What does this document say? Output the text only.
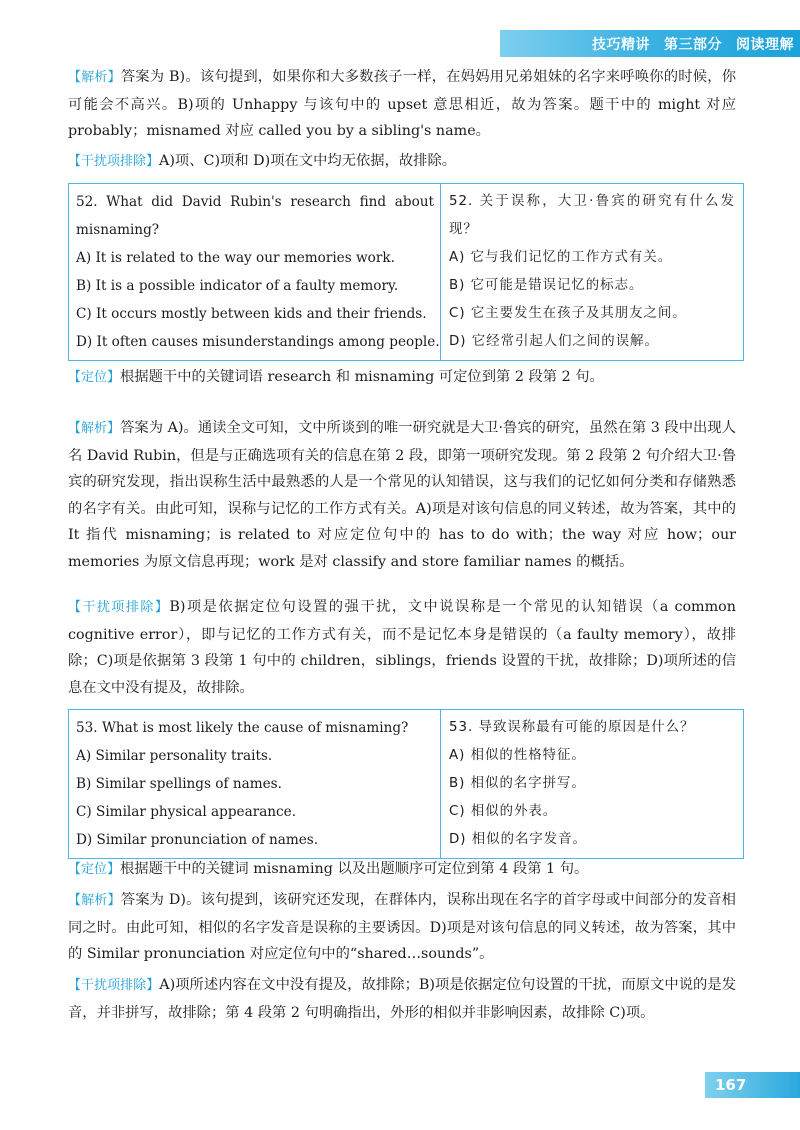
技巧精讲 第三部分 阅读理解

【解析】答案为 B)。该句提到，如果你和大多数孩子一样，在妈妈用兄弟姐妹的名字来呼唤你的时候，你可能会不高兴。B)项的 Unhappy 与该句中的 upset 意思相近，故为答案。题干中的 might 对应 probably；misnamed 对应 called you by a sibling's name。

【干扰项排除】A)项、C)项和 D)项在文中均无依据，故排除。

52. What did David Rubin's research find about misnaming?
A) It is related to the way our memories work.
B) It is a possible indicator of a faulty memory.
C) It occurs mostly between kids and their friends.
D) It often causes misunderstandings among people.
52. 关于误称，大卫·鲁宾的研究有什么发现？
A) 它与我们记忆的工作方式有关。
B) 它可能是错误记忆的标志。
C) 它主要发生在孩子及其朋友之间。
D) 它经常引起人们之间的误解。

【定位】根据题干中的关键词语 research 和 misnaming 可定位到第 2 段第 2 句。

【解析】答案为 A)。通读全文可知，文中所谈到的唯一研究就是大卫·鲁宾的研究，虽然在第 3 段中出现人名 David Rubin，但是与正确选项有关的信息在第 2 段，即第一项研究发现。第 2 段第 2 句介绍大卫·鲁宾的研究发现，指出误称生活中最熟悉的人是一个常见的认知错误，这与我们的记忆如何分类和存储熟悉的名字有关。由此可知，误称与记忆的工作方式有关。A)项是对该句信息的同义转述，故为答案，其中的 It 指代 misnaming；is related to 对应定位句中的 has to do with；the way 对应 how；our memories 为原文信息再现；work 是对 classify and store familiar names 的概括。

【干扰项排除】B)项是依据定位句设置的强干扰，文中说误称是一个常见的认知错误（a common cognitive error），即与记忆的工作方式有关，而不是记忆本身是错误的（a faulty memory），故排除；C)项是依据第 3 段第 1 句中的 children，siblings，friends 设置的干扰，故排除；D)项所述的信息在文中没有提及，故排除。

53. What is most likely the cause of misnaming?
A) Similar personality traits.
B) Similar spellings of names.
C) Similar physical appearance.
D) Similar pronunciation of names.
53. 导致误称最有可能的原因是什么？
A) 相似的性格特征。
B) 相似的名字拼写。
C) 相似的外表。
D) 相似的名字发音。

【定位】根据题干中的关键词 misnaming 以及出题顺序可定位到第 4 段第 1 句。

【解析】答案为 D)。该句提到，该研究还发现，在群体内，误称出现在名字的首字母或中间部分的发音相同之时。由此可知，相似的名字发音是误称的主要诱因。D)项是对该句信息的同义转述，故为答案，其中的 Similar pronunciation 对应定位句中的“shared…sounds”。

【干扰项排除】A)项所述内容在文中没有提及，故排除；B)项是依据定位句设置的干扰，而原文中说的是发音，并非拼写，故排除；第 4 段第 2 句明确指出，外形的相似并非影响因素，故排除 C)项。

167
